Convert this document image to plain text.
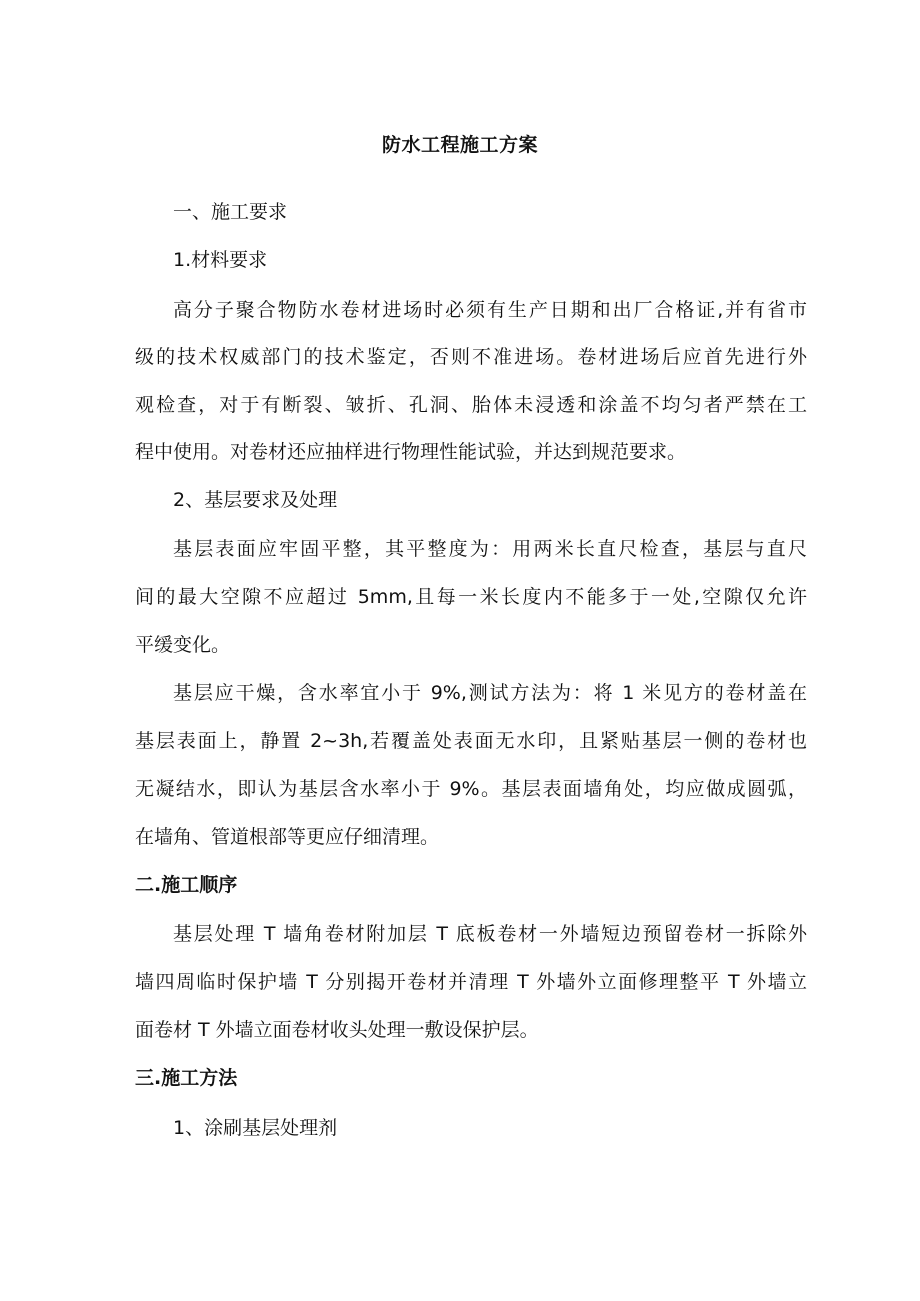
防水工程施工方案
一、施工要求
1.材料要求
高分子聚合物防水卷材进场时必须有生产日期和出厂合格证,并有省市
级的技术权威部门的技术鉴定，否则不准进场。卷材进场后应首先进行外
观检查，对于有断裂、皱折、孔洞、胎体未浸透和涂盖不均匀者严禁在工
程中使用。对卷材还应抽样进行物理性能试验，并达到规范要求。
2、基层要求及处理
基层表面应牢固平整，其平整度为：用两米长直尺检查，基层与直尺
间的最大空隙不应超过 5mm,且每一米长度内不能多于一处,空隙仅允许
平缓变化。
基层应干燥，含水率宜小于 9%,测试方法为：将 1 米见方的卷材盖在
基层表面上，静置 2~3h,若覆盖处表面无水印，且紧贴基层一侧的卷材也
无凝结水，即认为基层含水率小于 9%。基层表面墙角处，均应做成圆弧，
在墙角、管道根部等更应仔细清理。
二.施工顺序
基层处理 T 墙角卷材附加层 T 底板卷材一外墙短边预留卷材一拆除外
墙四周临时保护墙 T 分别揭开卷材并清理 T 外墙外立面修理整平 T 外墙立
面卷材 T 外墙立面卷材收头处理一敷设保护层。
三.施工方法
1、涂刷基层处理剂
